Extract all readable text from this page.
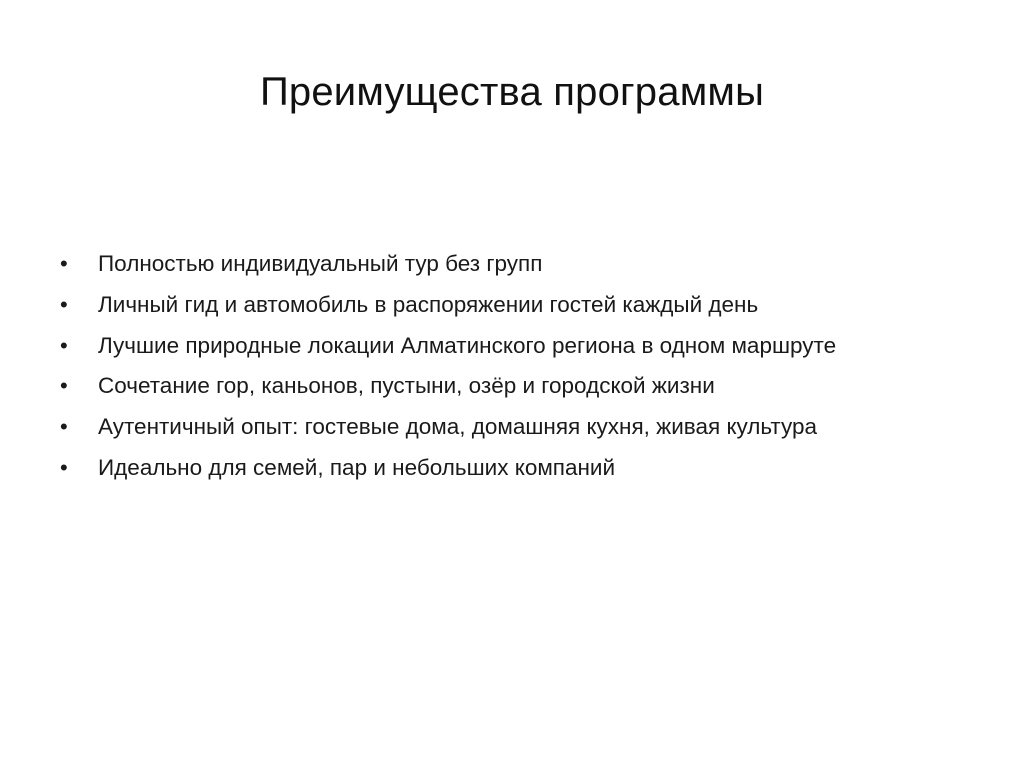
Преимущества программы
•	Полностью индивидуальный тур без групп
•	Личный гид и автомобиль в распоряжении гостей каждый день
•	Лучшие природные локации Алматинского региона в одном маршруте
•	Сочетание гор, каньонов, пустыни, озёр и городской жизни
•	Аутентичный опыт: гостевые дома, домашняя кухня, живая культура
•	Идеально для семей, пар и небольших компаний
